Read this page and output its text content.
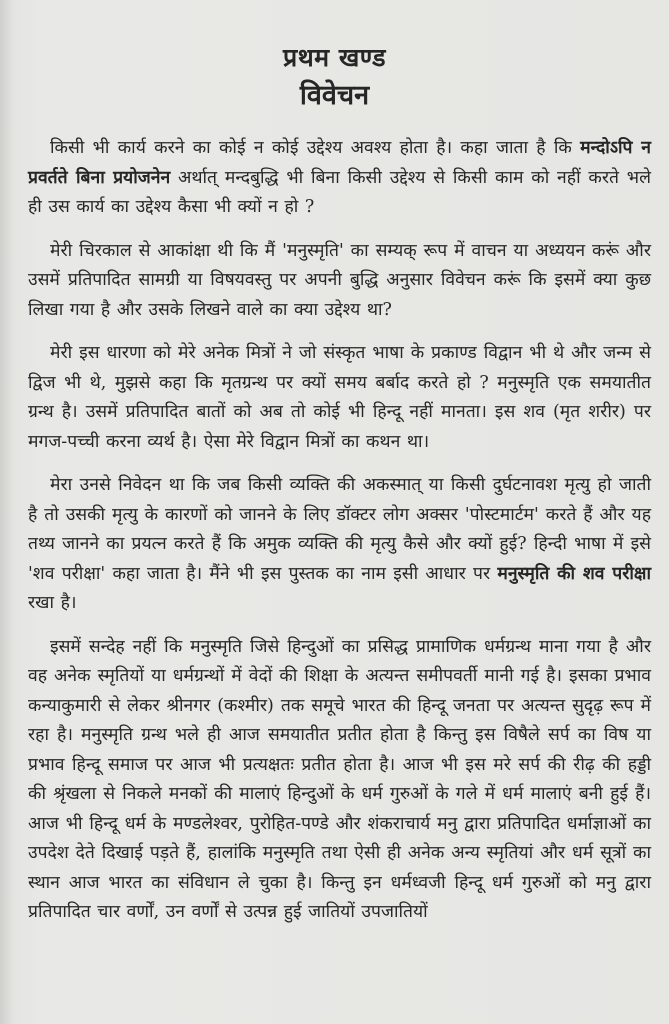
प्रथम खण्ड
विवेचन

किसी भी कार्य करने का कोई न कोई उद्देश्य अवश्य होता है। कहा जाता है कि मन्दोऽपि न प्रवर्तते बिना प्रयोजनेन अर्थात् मन्दबुद्धि भी बिना किसी उद्देश्य से किसी काम को नहीं करते भले ही उस कार्य का उद्देश्य कैसा भी क्यों न हो ?

मेरी चिरकाल से आकांक्षा थी कि मैं 'मनुस्मृति' का सम्यक् रूप में वाचन या अध्ययन करूं और उसमें प्रतिपादित सामग्री या विषयवस्तु पर अपनी बुद्धि अनुसार विवेचन करूं कि इसमें क्या कुछ लिखा गया है और उसके लिखने वाले का क्या उद्देश्य था?

मेरी इस धारणा को मेरे अनेक मित्रों ने जो संस्कृत भाषा के प्रकाण्ड विद्वान भी थे और जन्म से द्विज भी थे, मुझसे कहा कि मृतग्रन्थ पर क्यों समय बर्बाद करते हो ? मनुस्मृति एक समयातीत ग्रन्थ है। उसमें प्रतिपादित बातों को अब तो कोई भी हिन्दू नहीं मानता। इस शव (मृत शरीर) पर मगज-पच्ची करना व्यर्थ है। ऐसा मेरे विद्वान मित्रों का कथन था।

मेरा उनसे निवेदन था कि जब किसी व्यक्ति की अकस्मात् या किसी दुर्घटनावश मृत्यु हो जाती है तो उसकी मृत्यु के कारणों को जानने के लिए डॉक्टर लोग अक्सर 'पोस्टमार्टम' करते हैं और यह तथ्य जानने का प्रयत्न करते हैं कि अमुक व्यक्ति की मृत्यु कैसे और क्यों हुई? हिन्दी भाषा में इसे 'शव परीक्षा' कहा जाता है। मैंने भी इस पुस्तक का नाम इसी आधार पर मनुस्मृति की शव परीक्षा रखा है।

इसमें सन्देह नहीं कि मनुस्मृति जिसे हिन्दुओं का प्रसिद्ध प्रामाणिक धर्मग्रन्थ माना गया है और वह अनेक स्मृतियों या धर्मग्रन्थों में वेदों की शिक्षा के अत्यन्त समीपवर्ती मानी गई है। इसका प्रभाव कन्याकुमारी से लेकर श्रीनगर (कश्मीर) तक समूचे भारत की हिन्दू जनता पर अत्यन्त सुदृढ़ रूप में रहा है। मनुस्मृति ग्रन्थ भले ही आज समयातीत प्रतीत होता है किन्तु इस विषैले सर्प का विष या प्रभाव हिन्दू समाज पर आज भी प्रत्यक्षतः प्रतीत होता है। आज भी इस मरे सर्प की रीढ़ की हड्डी की श्रृंखला से निकले मनकों की मालाएं हिन्दुओं के धर्म गुरुओं के गले में धर्म मालाएं बनी हुई हैं। आज भी हिन्दू धर्म के मण्डलेश्वर, पुरोहित-पण्डे और शंकराचार्य मनु द्वारा प्रतिपादित धर्माज्ञाओं का उपदेश देते दिखाई पड़ते हैं, हालांकि मनुस्मृति तथा ऐसी ही अनेक अन्य स्मृतियां और धर्म सूत्रों का स्थान आज भारत का संविधान ले चुका है। किन्तु इन धर्मध्वजी हिन्दू धर्म गुरुओं को मनु द्वारा प्रतिपादित चार वर्णों, उन वर्णों से उत्पन्न हुई जातियों उपजातियों
